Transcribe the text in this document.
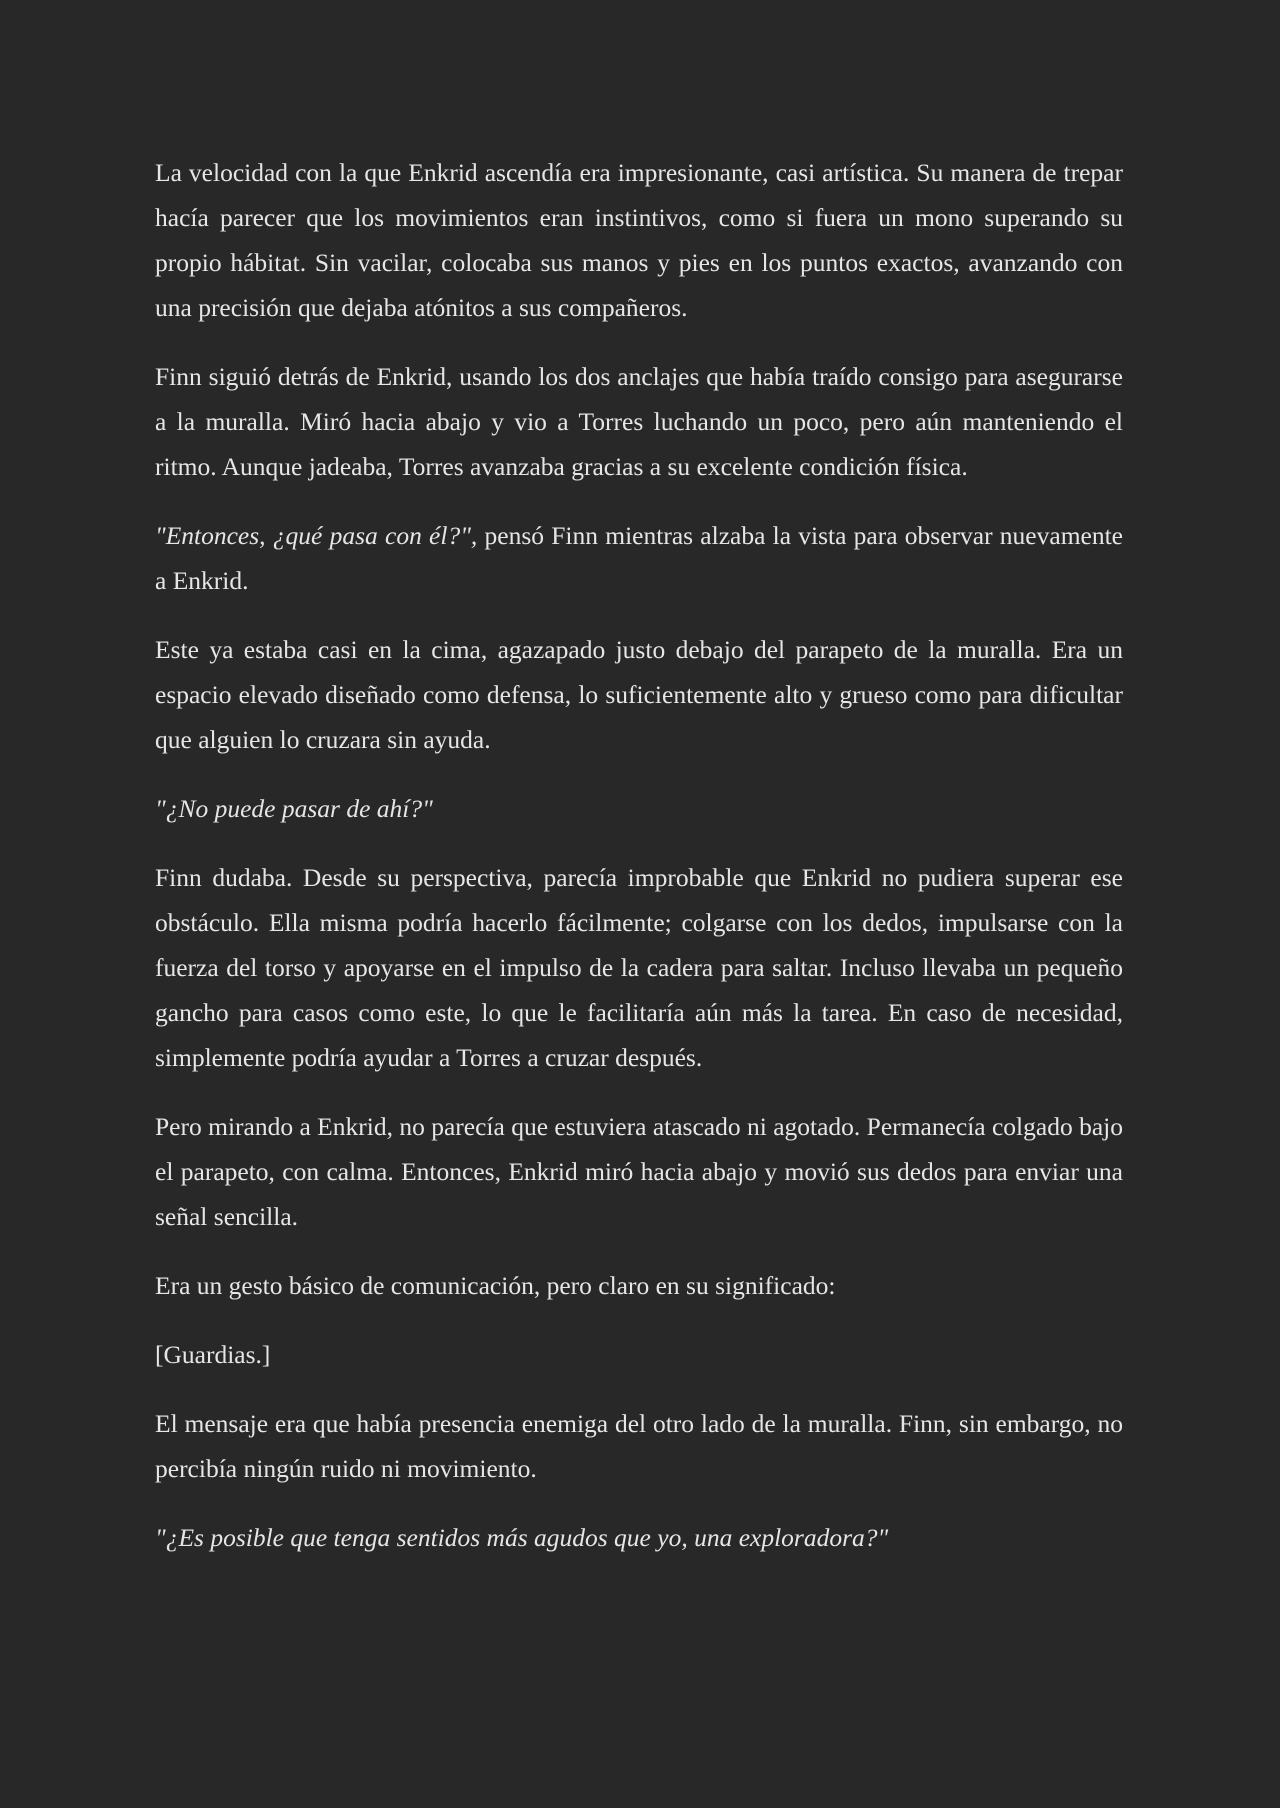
La velocidad con la que Enkrid ascendía era impresionante, casi artística. Su manera de trepar hacía parecer que los movimientos eran instintivos, como si fuera un mono superando su propio hábitat. Sin vacilar, colocaba sus manos y pies en los puntos exactos, avanzando con una precisión que dejaba atónitos a sus compañeros.

Finn siguió detrás de Enkrid, usando los dos anclajes que había traído consigo para asegurarse a la muralla. Miró hacia abajo y vio a Torres luchando un poco, pero aún manteniendo el ritmo. Aunque jadeaba, Torres avanzaba gracias a su excelente condición física.

"Entonces, ¿qué pasa con él?", pensó Finn mientras alzaba la vista para observar nuevamente a Enkrid.

Este ya estaba casi en la cima, agazapado justo debajo del parapeto de la muralla. Era un espacio elevado diseñado como defensa, lo suficientemente alto y grueso como para dificultar que alguien lo cruzara sin ayuda.

"¿No puede pasar de ahí?"

Finn dudaba. Desde su perspectiva, parecía improbable que Enkrid no pudiera superar ese obstáculo. Ella misma podría hacerlo fácilmente; colgarse con los dedos, impulsarse con la fuerza del torso y apoyarse en el impulso de la cadera para saltar. Incluso llevaba un pequeño gancho para casos como este, lo que le facilitaría aún más la tarea. En caso de necesidad, simplemente podría ayudar a Torres a cruzar después.

Pero mirando a Enkrid, no parecía que estuviera atascado ni agotado. Permanecía colgado bajo el parapeto, con calma. Entonces, Enkrid miró hacia abajo y movió sus dedos para enviar una señal sencilla.

Era un gesto básico de comunicación, pero claro en su significado:

[Guardias.]

El mensaje era que había presencia enemiga del otro lado de la muralla. Finn, sin embargo, no percibía ningún ruido ni movimiento.

"¿Es posible que tenga sentidos más agudos que yo, una exploradora?"
